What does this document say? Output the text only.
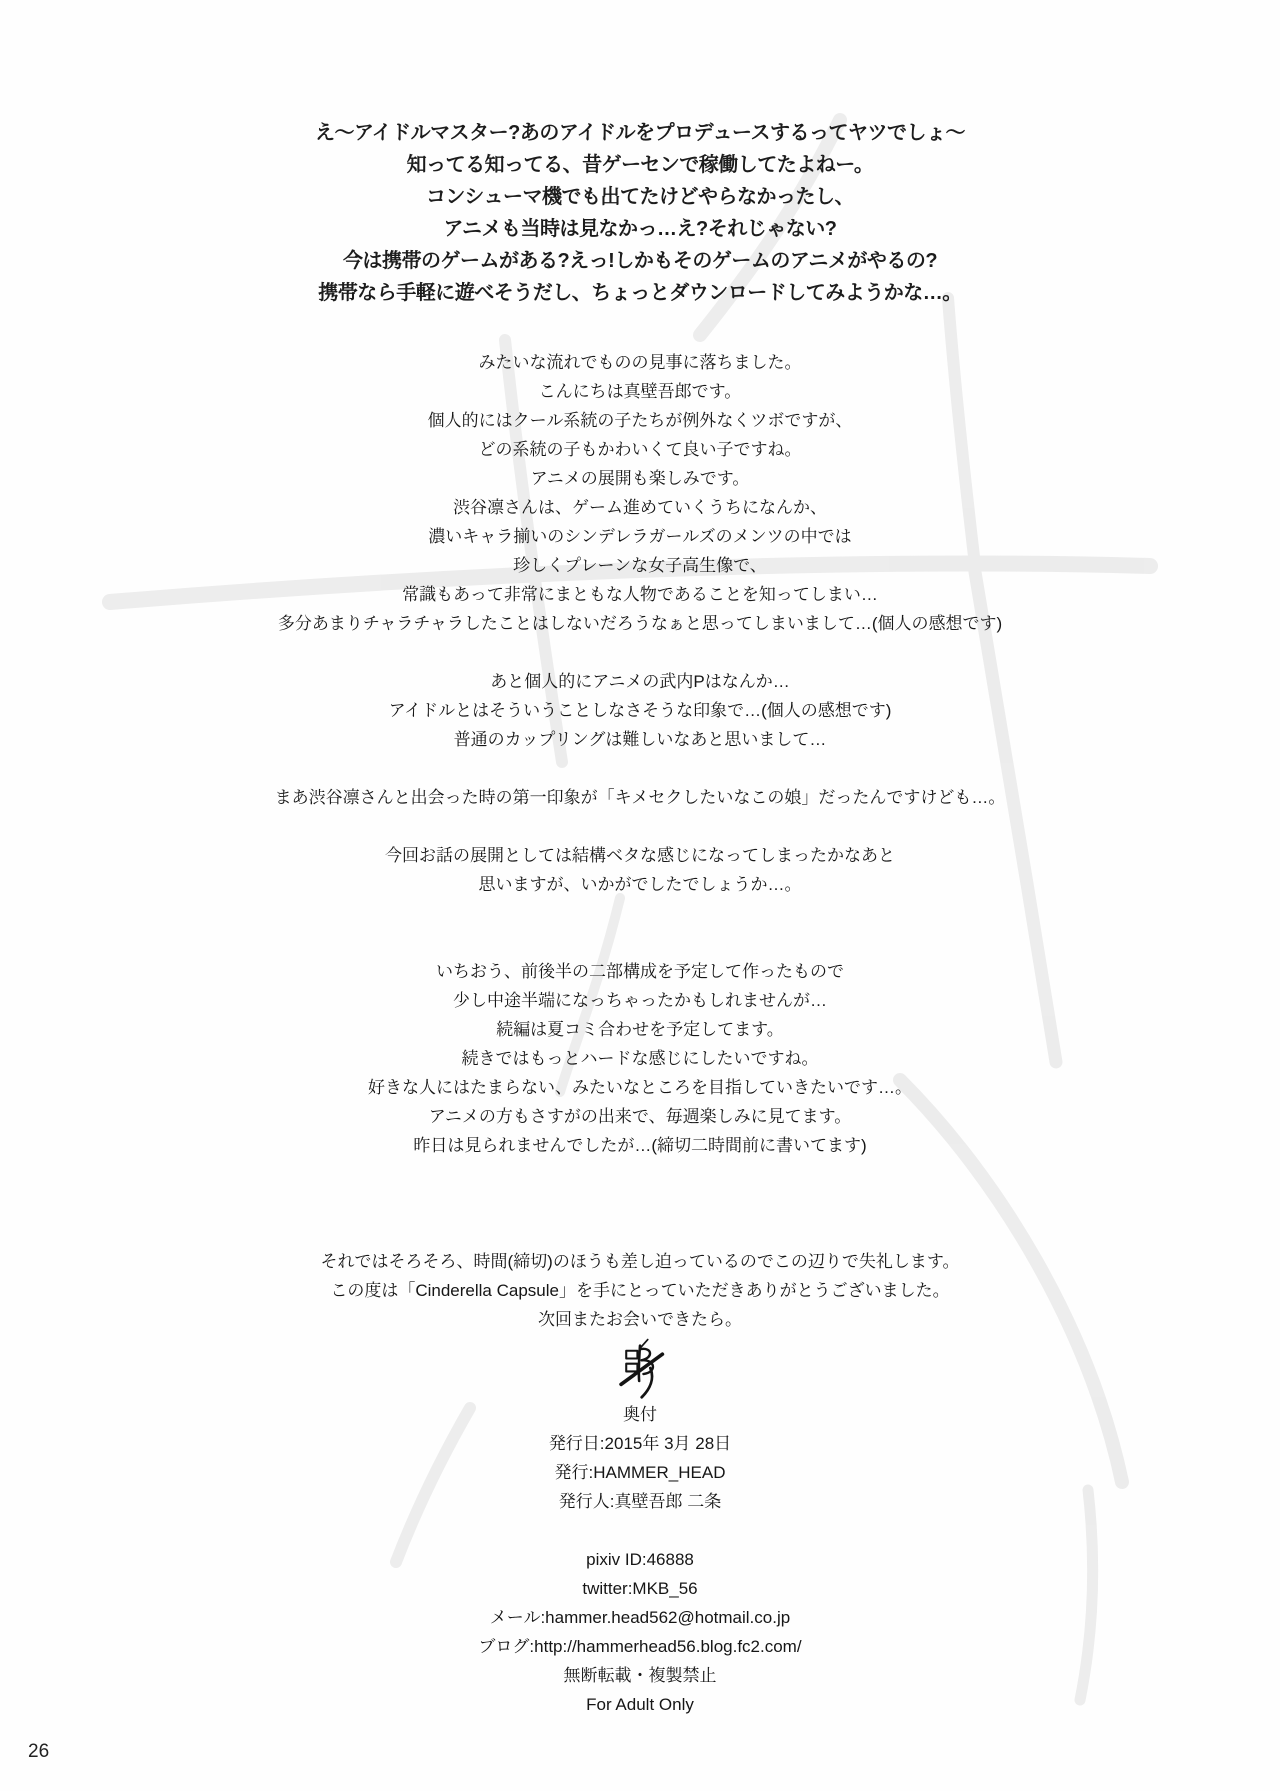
え〜アイドルマスター?あのアイドルをプロデュースするってヤツでしょ〜
知ってる知ってる、昔ゲーセンで稼働してたよねー。
コンシューマ機でも出てたけどやらなかったし、
アニメも当時は見なかっ…え?それじゃない?
今は携帯のゲームがある?えっ!しかもそのゲームのアニメがやるの?
携帯なら手軽に遊べそうだし、ちょっとダウンロードしてみようかな…。
みたいな流れでものの見事に落ちました。
こんにちは真壁吾郎です。
個人的にはクール系統の子たちが例外なくツボですが、
どの系統の子もかわいくて良い子ですね。
アニメの展開も楽しみです。
渋谷凛さんは、ゲーム進めていくうちになんか、
濃いキャラ揃いのシンデレラガールズのメンツの中では
珍しくプレーンな女子高生像で、
常識もあって非常にまともな人物であることを知ってしまい…
多分あまりチャラチャラしたことはしないだろうなぁと思ってしまいまして…(個人の感想です)
あと個人的にアニメの武内Pはなんか…
アイドルとはそういうことしなさそうな印象で…(個人の感想です)
普通のカップリングは難しいなあと思いまして…
まあ渋谷凛さんと出会った時の第一印象が「キメセクしたいなこの娘」だったんですけども…。
今回お話の展開としては結構ベタな感じになってしまったかなあと
思いますが、いかがでしたでしょうか…。
いちおう、前後半の二部構成を予定して作ったもので
少し中途半端になっちゃったかもしれませんが…
続編は夏コミ合わせを予定してます。
続きではもっとハードな感じにしたいですね。
好きな人にはたまらない、みたいなところを目指していきたいです…。
アニメの方もさすがの出来で、毎週楽しみに見てます。
昨日は見られませんでしたが…(締切二時間前に書いてます)
それではそろそろ、時間(締切)のほうも差し迫っているのでこの辺りで失礼します。
この度は「Cinderella Capsule」を手にとっていただきありがとうございました。
次回またお会いできたら。
奥付
発行日:2015年 3月 28日
発行:HAMMER_HEAD
発行人:真壁吾郎 二条
pixiv ID:46888
twitter:MKB_56
メール:hammer.head562@hotmail.co.jp
ブログ:http://hammerhead56.blog.fc2.com/
無断転載・複製禁止
For Adult Only
26
